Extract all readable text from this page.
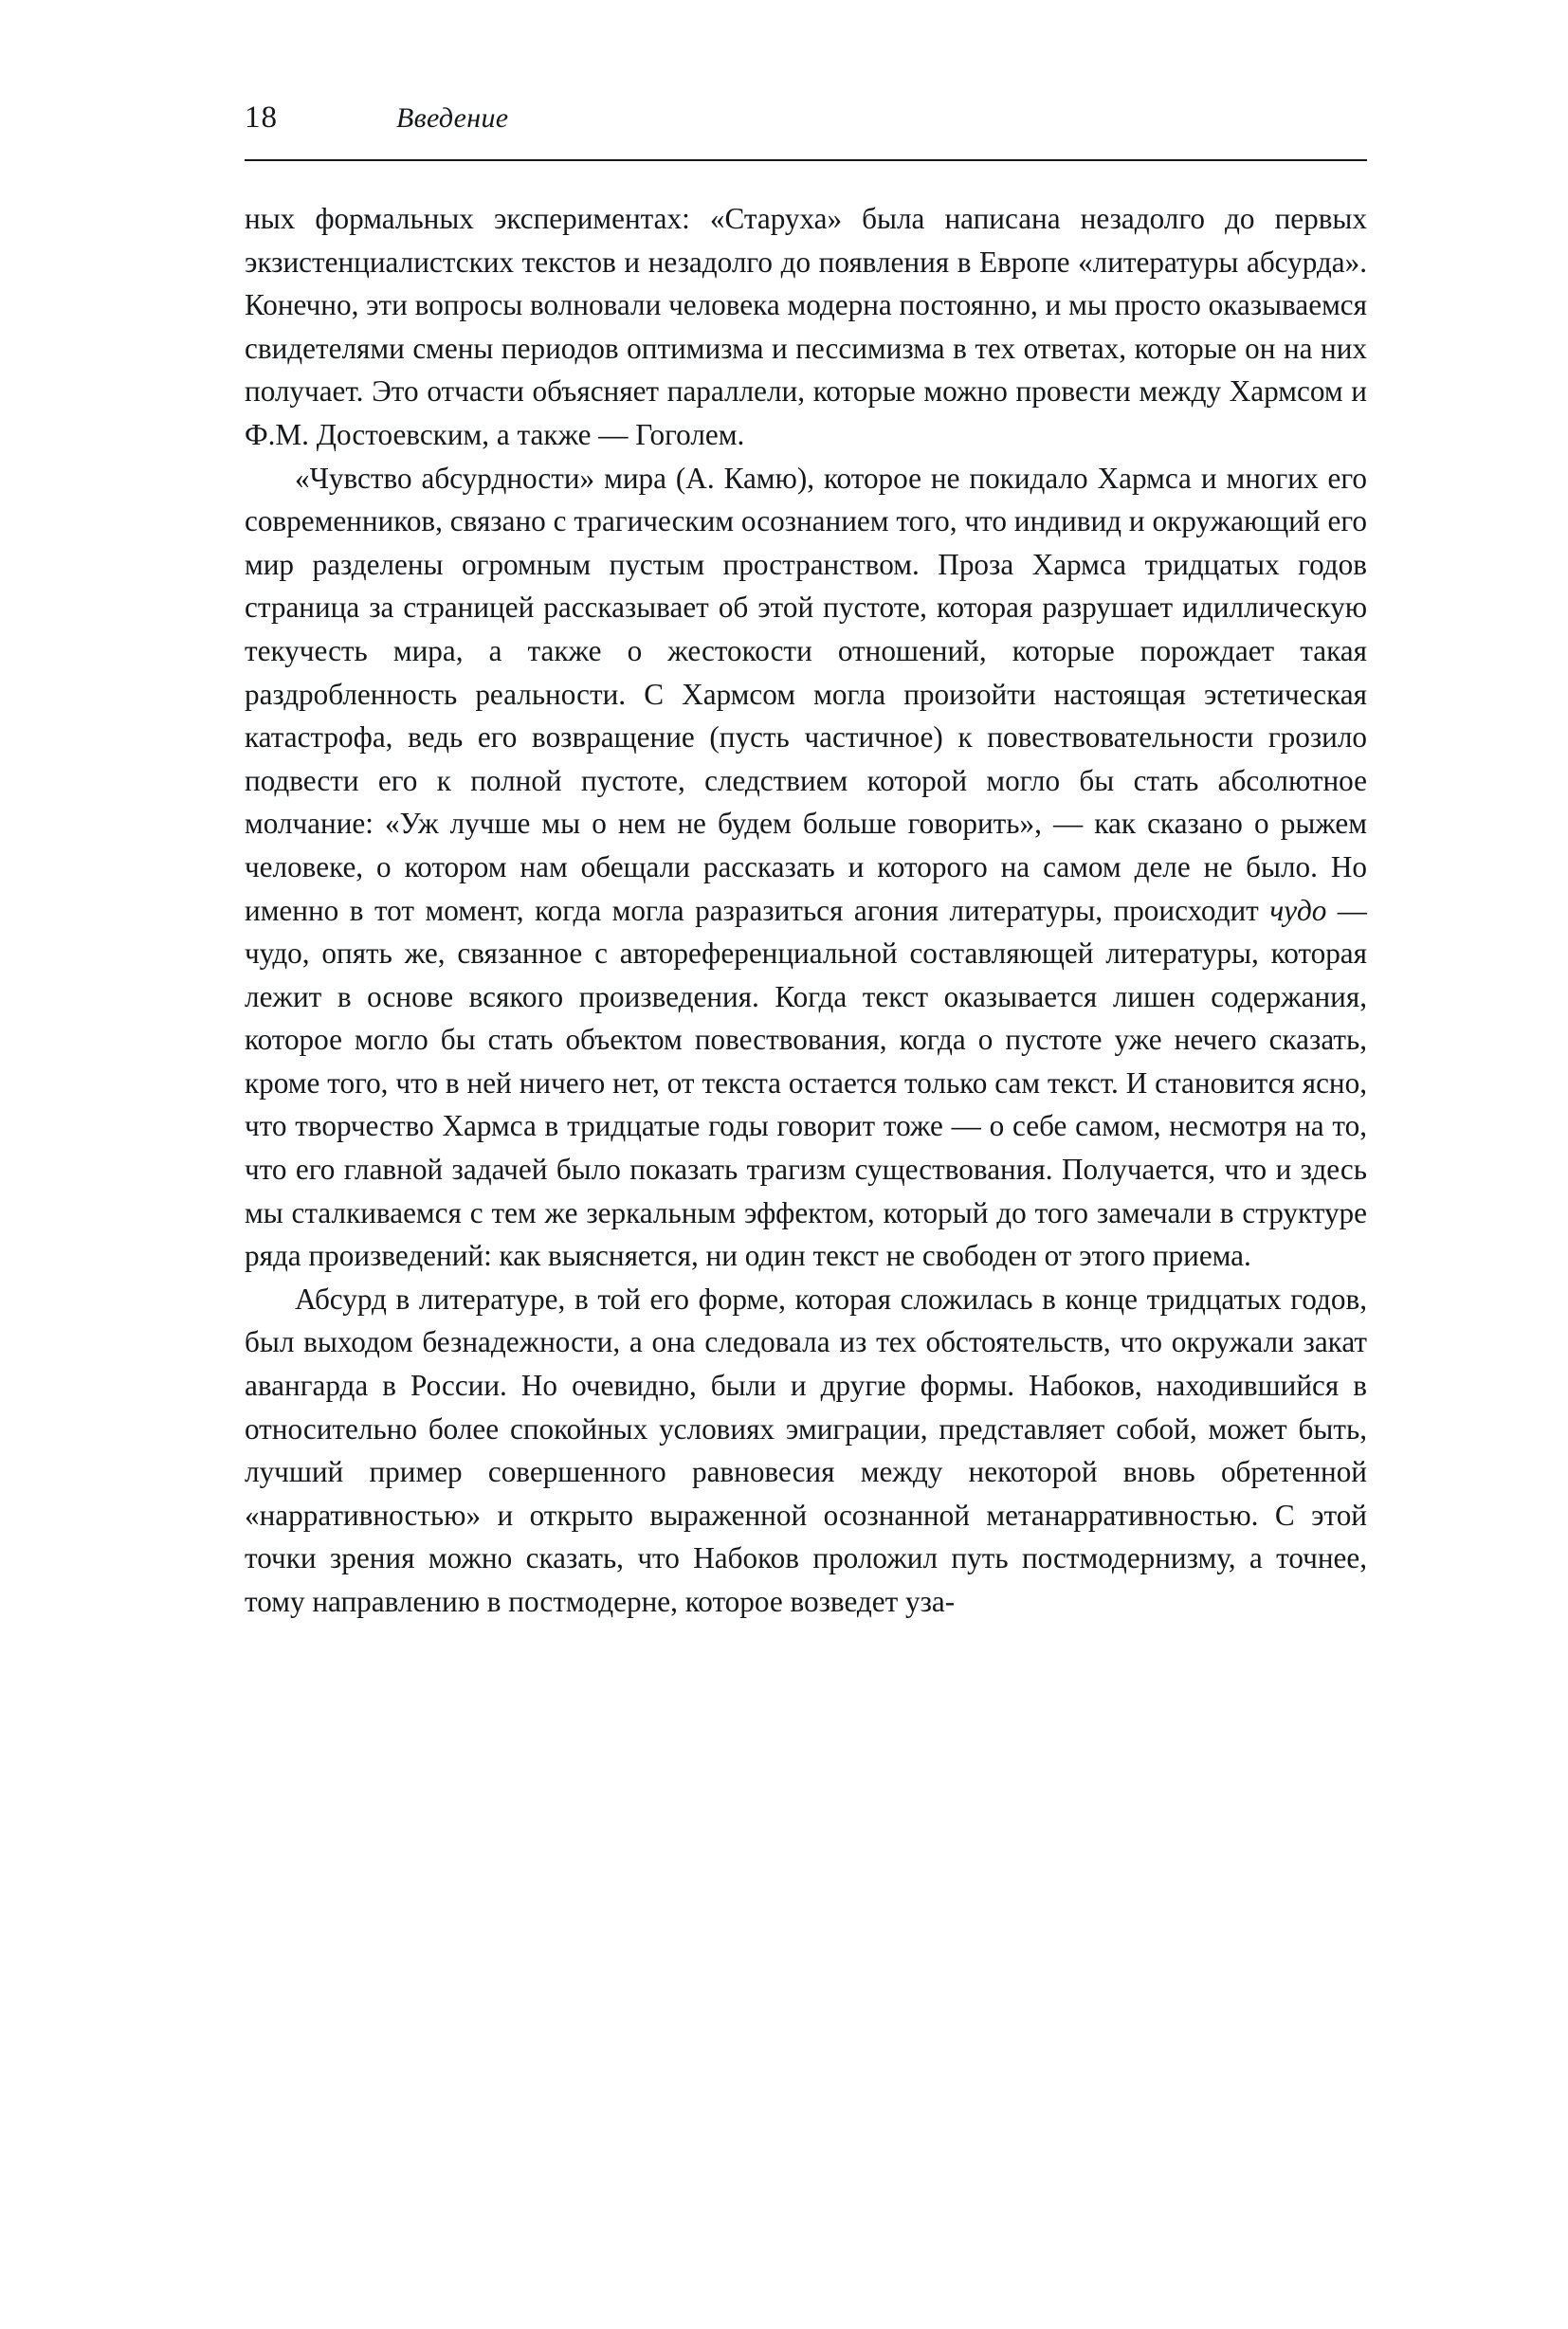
18	Введение

ных формальных экспериментах: «Старуха» была написана незадолго до первых экзистенциалистских текстов и незадолго до появления в Европе «литературы абсурда». Конечно, эти вопросы волновали человека модерна постоянно, и мы просто оказываемся свидетелями смены периодов оптимизма и пессимизма в тех ответах, которые он на них получает. Это отчасти объясняет параллели, которые можно провести между Хармсом и Ф.М. Достоевским, а также — Гоголем.

«Чувство абсурдности» мира (А. Камю), которое не покидало Хармса и многих его современников, связано с трагическим осознанием того, что индивид и окружающий его мир разделены огромным пустым пространством. Проза Хармса тридцатых годов страница за страницей рассказывает об этой пустоте, которая разрушает идиллическую текучесть мира, а также о жестокости отношений, которые порождает такая раздробленность реальности. С Хармсом могла произойти настоящая эстетическая катастрофа, ведь его возвращение (пусть частичное) к повествовательности грозило подвести его к полной пустоте, следствием которой могло бы стать абсолютное молчание: «Уж лучше мы о нем не будем больше говорить», — как сказано о рыжем человеке, о котором нам обещали рассказать и которого на самом деле не было. Но именно в тот момент, когда могла разразиться агония литературы, происходит чудо — чудо, опять же, связанное с автореференциальной составляющей литературы, которая лежит в основе всякого произведения. Когда текст оказывается лишен содержания, которое могло бы стать объектом повествования, когда о пустоте уже нечего сказать, кроме того, что в ней ничего нет, от текста остается только сам текст. И становится ясно, что творчество Хармса в тридцатые годы говорит тоже — о себе самом, несмотря на то, что его главной задачей было показать трагизм существования. Получается, что и здесь мы сталкиваемся с тем же зеркальным эффектом, который до того замечали в структуре ряда произведений: как выясняется, ни один текст не свободен от этого приема.

Абсурд в литературе, в той его форме, которая сложилась в конце тридцатых годов, был выходом безнадежности, а она следовала из тех обстоятельств, что окружали закат авангарда в России. Но очевидно, были и другие формы. Набоков, находившийся в относительно более спокойных условиях эмиграции, представляет собой, может быть, лучший пример совершенного равновесия между некоторой вновь обретенной «нарративностью» и открыто выраженной осознанной метанарративностью. С этой точки зрения можно сказать, что Набоков проложил путь постмодернизму, а точнее, тому направлению в постмодерне, которое возведет уза-
